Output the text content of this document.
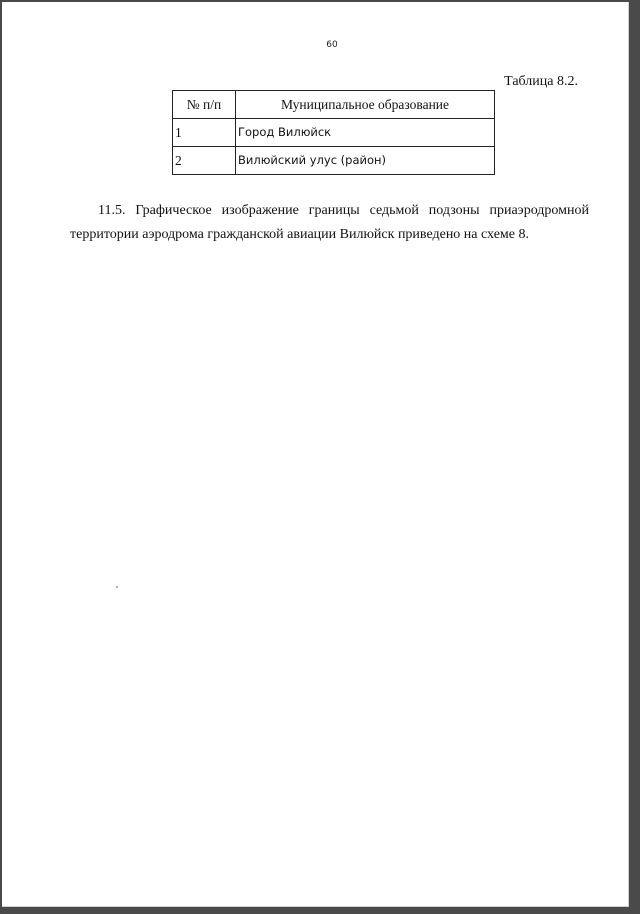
60
Таблица 8.2.
№ п/п	Муниципальное образование
1	Город Вилюйск
2	Вилюйский улус (район)

11.5. Графическое изображение границы седьмой подзоны приаэродромной территории аэродрома гражданской авиации Вилюйск приведено на схеме 8.
